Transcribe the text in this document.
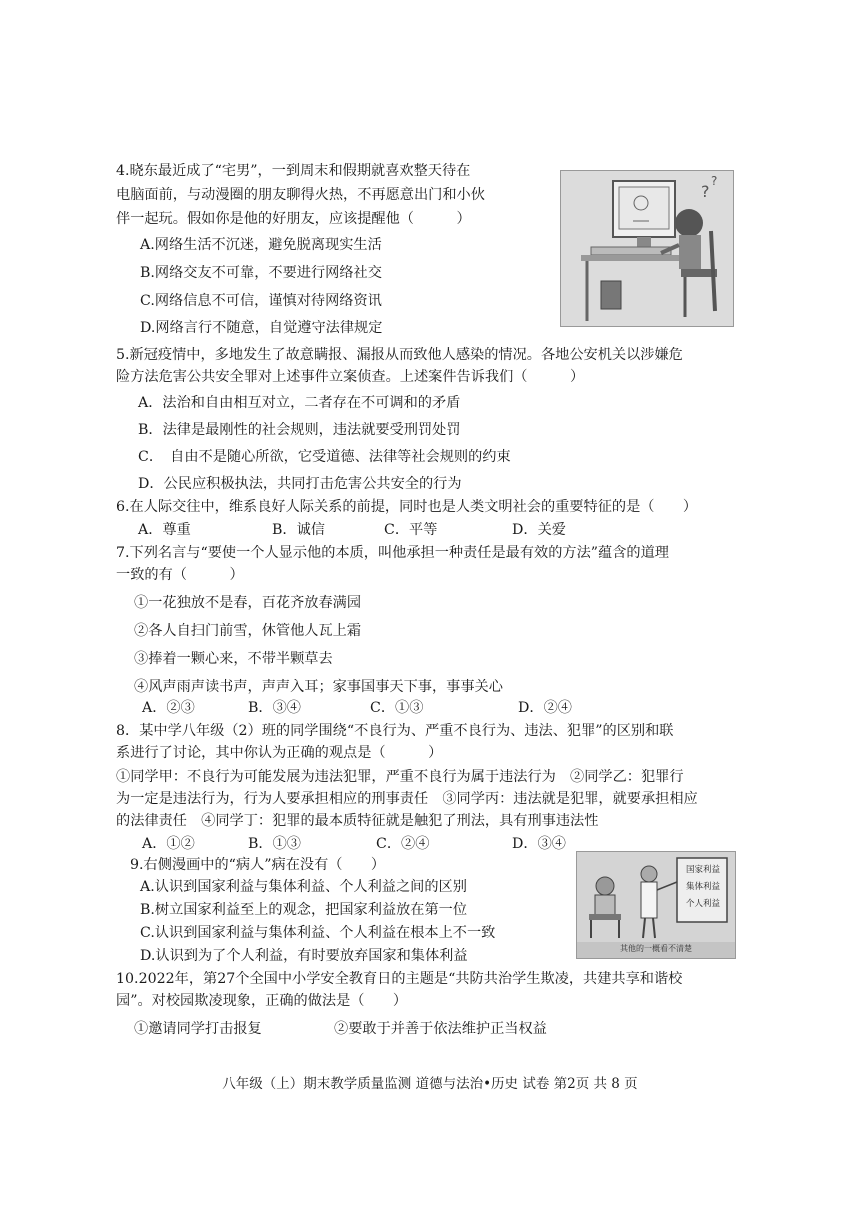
4.晓东最近成了“宅男”，一到周末和假期就喜欢整天待在
电脑面前，与动漫圈的朋友聊得火热，不再愿意出门和小伙
伴一起玩。假如你是他的好朋友，应该提醒他（　　　）
A.网络生活不沉迷，避免脱离现实生活
B.网络交友不可靠，不要进行网络社交
C.网络信息不可信，谨慎对待网络资讯
D.网络言行不随意，自觉遵守法律规定
?
?
5.新冠疫情中，多地发生了故意瞒报、漏报从而致他人感染的情况。各地公安机关以涉嫌危
险方法危害公共安全罪对上述事件立案侦查。上述案件告诉我们（　　　）
A．法治和自由相互对立，二者存在不可调和的矛盾
B．法律是最刚性的社会规则，违法就要受刑罚处罚
C．　自由不是随心所欲，它受道德、法律等社会规则的约束
D．公民应积极执法，共同打击危害公共安全的行为
6.在人际交往中，维系良好人际关系的前提，同时也是人类文明社会的重要特征的是（　　）
A．尊重	B．诚信	C．平等	D．关爱
7.下列名言与“要使一个人显示他的本质，叫他承担一种责任是最有效的方法”蕴含的道理
一致的有（　　　）
①一花独放不是春，百花齐放春满园
②各人自扫门前雪，休管他人瓦上霜
③捧着一颗心来，不带半颗草去
④风声雨声读书声，声声入耳；家事国事天下事，事事关心
A．②③	B．③④	C．①③	D．②④
8．某中学八年级（2）班的同学围绕“不良行为、严重不良行为、违法、犯罪”的区别和联
系进行了讨论，其中你认为正确的观点是（　　　）
①同学甲：不良行为可能发展为违法犯罪，严重不良行为属于违法行为　②同学乙：犯罪行
为一定是违法行为，行为人要承担相应的刑事责任　③同学丙：违法就是犯罪，就要承担相应
的法律责任　④同学丁：犯罪的最本质特征就是触犯了刑法，具有刑事违法性
A．①②	B．①③	C．②④	D．③④
9.右侧漫画中的“病人”病在没有（　　）
A.认识到国家利益与集体利益、个人利益之间的区别
B.树立国家利益至上的观念，把国家利益放在第一位
C.认识到国家利益与集体利益、个人利益在根本上不一致
D.认识到为了个人利益，有时要放弃国家和集体利益
国家利益
集体利益
个人利益
其他的一概看不清楚
10.2022年，第27个全国中小学安全教育日的主题是“共防共治学生欺凌，共建共享和谐校
园”。对校园欺凌现象，正确的做法是（　　）
①邀请同学打击报复	②要敢于并善于依法维护正当权益
八年级（上）期末教学质量监测 道德与法治•历史 试卷 第2页 共 8 页
